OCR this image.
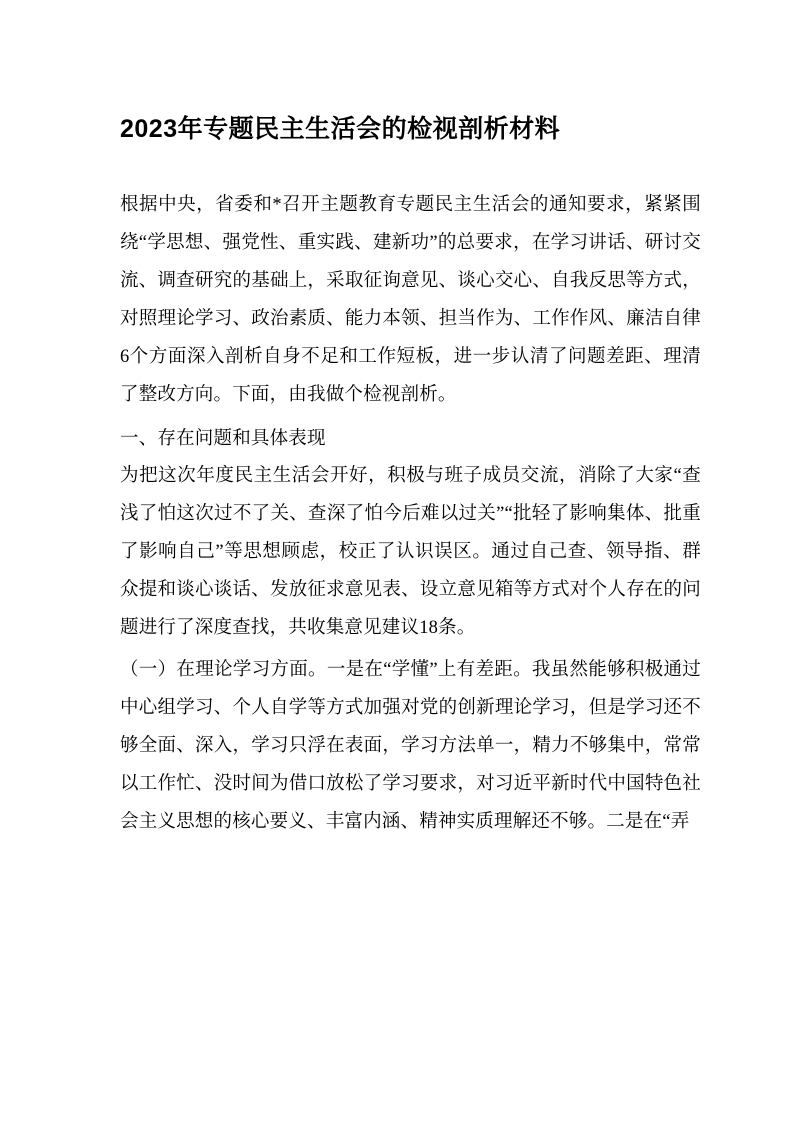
2023年专题民主生活会的检视剖析材料

根据中央，省委和*召开主题教育专题民主生活会的通知要求，紧紧围绕“学思想、强党性、重实践、建新功”的总要求，在学习讲话、研讨交流、调查研究的基础上，采取征询意见、谈心交心、自我反思等方式，对照理论学习、政治素质、能力本领、担当作为、工作作风、廉洁自律6个方面深入剖析自身不足和工作短板，进一步认清了问题差距、理清了整改方向。下面，由我做个检视剖析。

一、存在问题和具体表现

为把这次年度民主生活会开好，积极与班子成员交流，消除了大家“查浅了怕这次过不了关、查深了怕今后难以过关”“批轻了影响集体、批重了影响自己”等思想顾虑，校正了认识误区。通过自己查、领导指、群众提和谈心谈话、发放征求意见表、设立意见箱等方式对个人存在的问题进行了深度查找，共收集意见建议18条。

（一）在理论学习方面。一是在“学懂”上有差距。我虽然能够积极通过中心组学习、个人自学等方式加强对党的创新理论学习，但是学习还不够全面、深入，学习只浮在表面，学习方法单一，精力不够集中，常常以工作忙、没时间为借口放松了学习要求，对习近平新时代中国特色社会主义思想的核心要义、丰富内涵、精神实质理解还不够。二是在“弄
